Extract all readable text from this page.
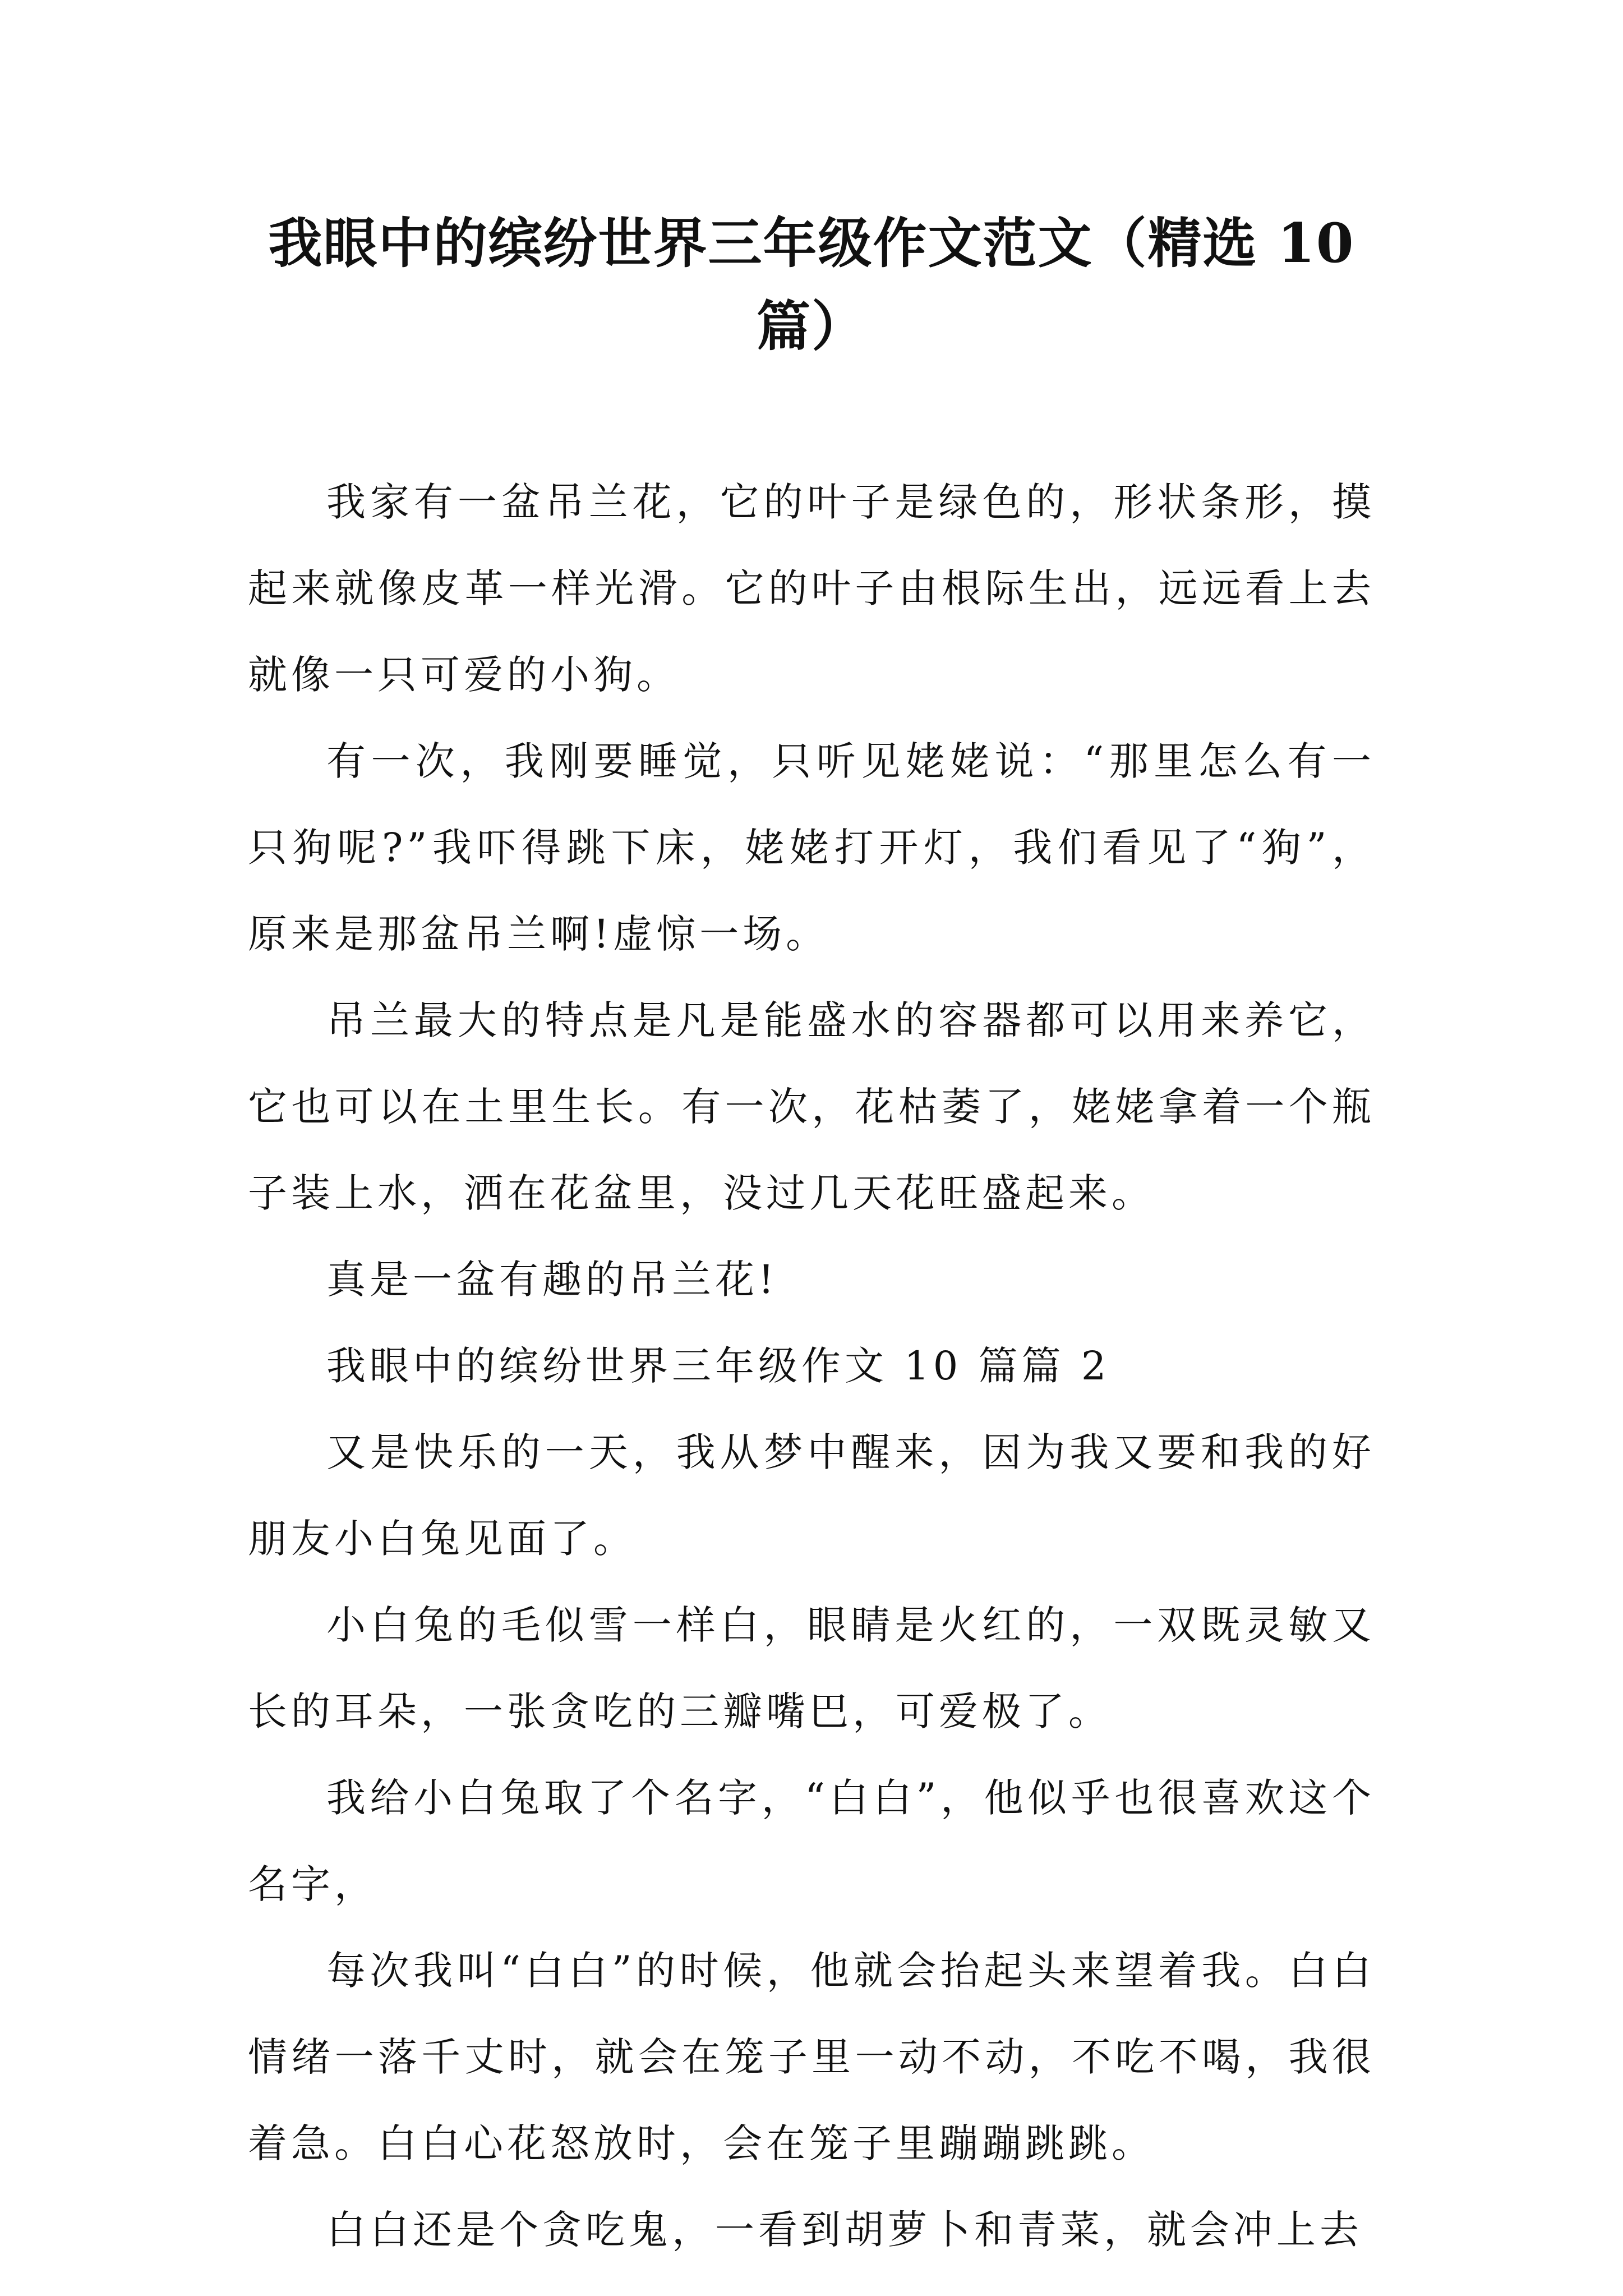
我眼中的缤纷世界三年级作文范文（精选 10 篇）

我家有一盆吊兰花，它的叶子是绿色的，形状条形，摸起来就像皮革一样光滑。它的叶子由根际生出，远远看上去就像一只可爱的小狗。

有一次，我刚要睡觉，只听见姥姥说：“那里怎么有一只狗呢?”我吓得跳下床，姥姥打开灯，我们看见了“狗”，原来是那盆吊兰啊!虚惊一场。

吊兰最大的特点是凡是能盛水的容器都可以用来养它，它也可以在土里生长。有一次，花枯萎了，姥姥拿着一个瓶子装上水，洒在花盆里，没过几天花旺盛起来。

真是一盆有趣的吊兰花!

我眼中的缤纷世界三年级作文 10 篇篇 2

又是快乐的一天，我从梦中醒来，因为我又要和我的好朋友小白兔见面了。

小白兔的毛似雪一样白，眼睛是火红的，一双既灵敏又长的耳朵，一张贪吃的三瓣嘴巴，可爱极了。

我给小白兔取了个名字，“白白”，他似乎也很喜欢这个名字，

每次我叫“白白”的时候，他就会抬起头来望着我。白白情绪一落千丈时，就会在笼子里一动不动，不吃不喝，我很着急。白白心花怒放时，会在笼子里蹦蹦跳跳。

白白还是个贪吃鬼，一看到胡萝卜和青菜，就会冲上去
